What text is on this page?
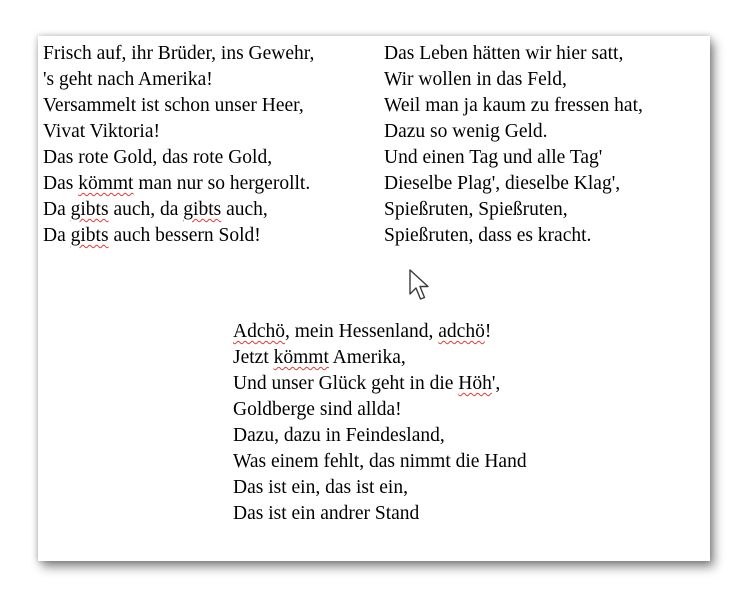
Frisch auf, ihr Brüder, ins Gewehr,
's geht nach Amerika!
Versammelt ist schon unser Heer,
Vivat Viktoria!
Das rote Gold, das rote Gold,
Das kömmt man nur so hergerollt.
Da gibts auch, da gibts auch,
Da gibts auch bessern Sold!
Das Leben hätten wir hier satt,
Wir wollen in das Feld,
Weil man ja kaum zu fressen hat,
Dazu so wenig Geld.
Und einen Tag und alle Tag'
Dieselbe Plag', dieselbe Klag',
Spießruten, Spießruten,
Spießruten, dass es kracht.
Adchö, mein Hessenland, adchö!
Jetzt kömmt Amerika,
Und unser Glück geht in die Höh',
Goldberge sind allda!
Dazu, dazu in Feindesland,
Was einem fehlt, das nimmt die Hand
Das ist ein, das ist ein,
Das ist ein andrer Stand
